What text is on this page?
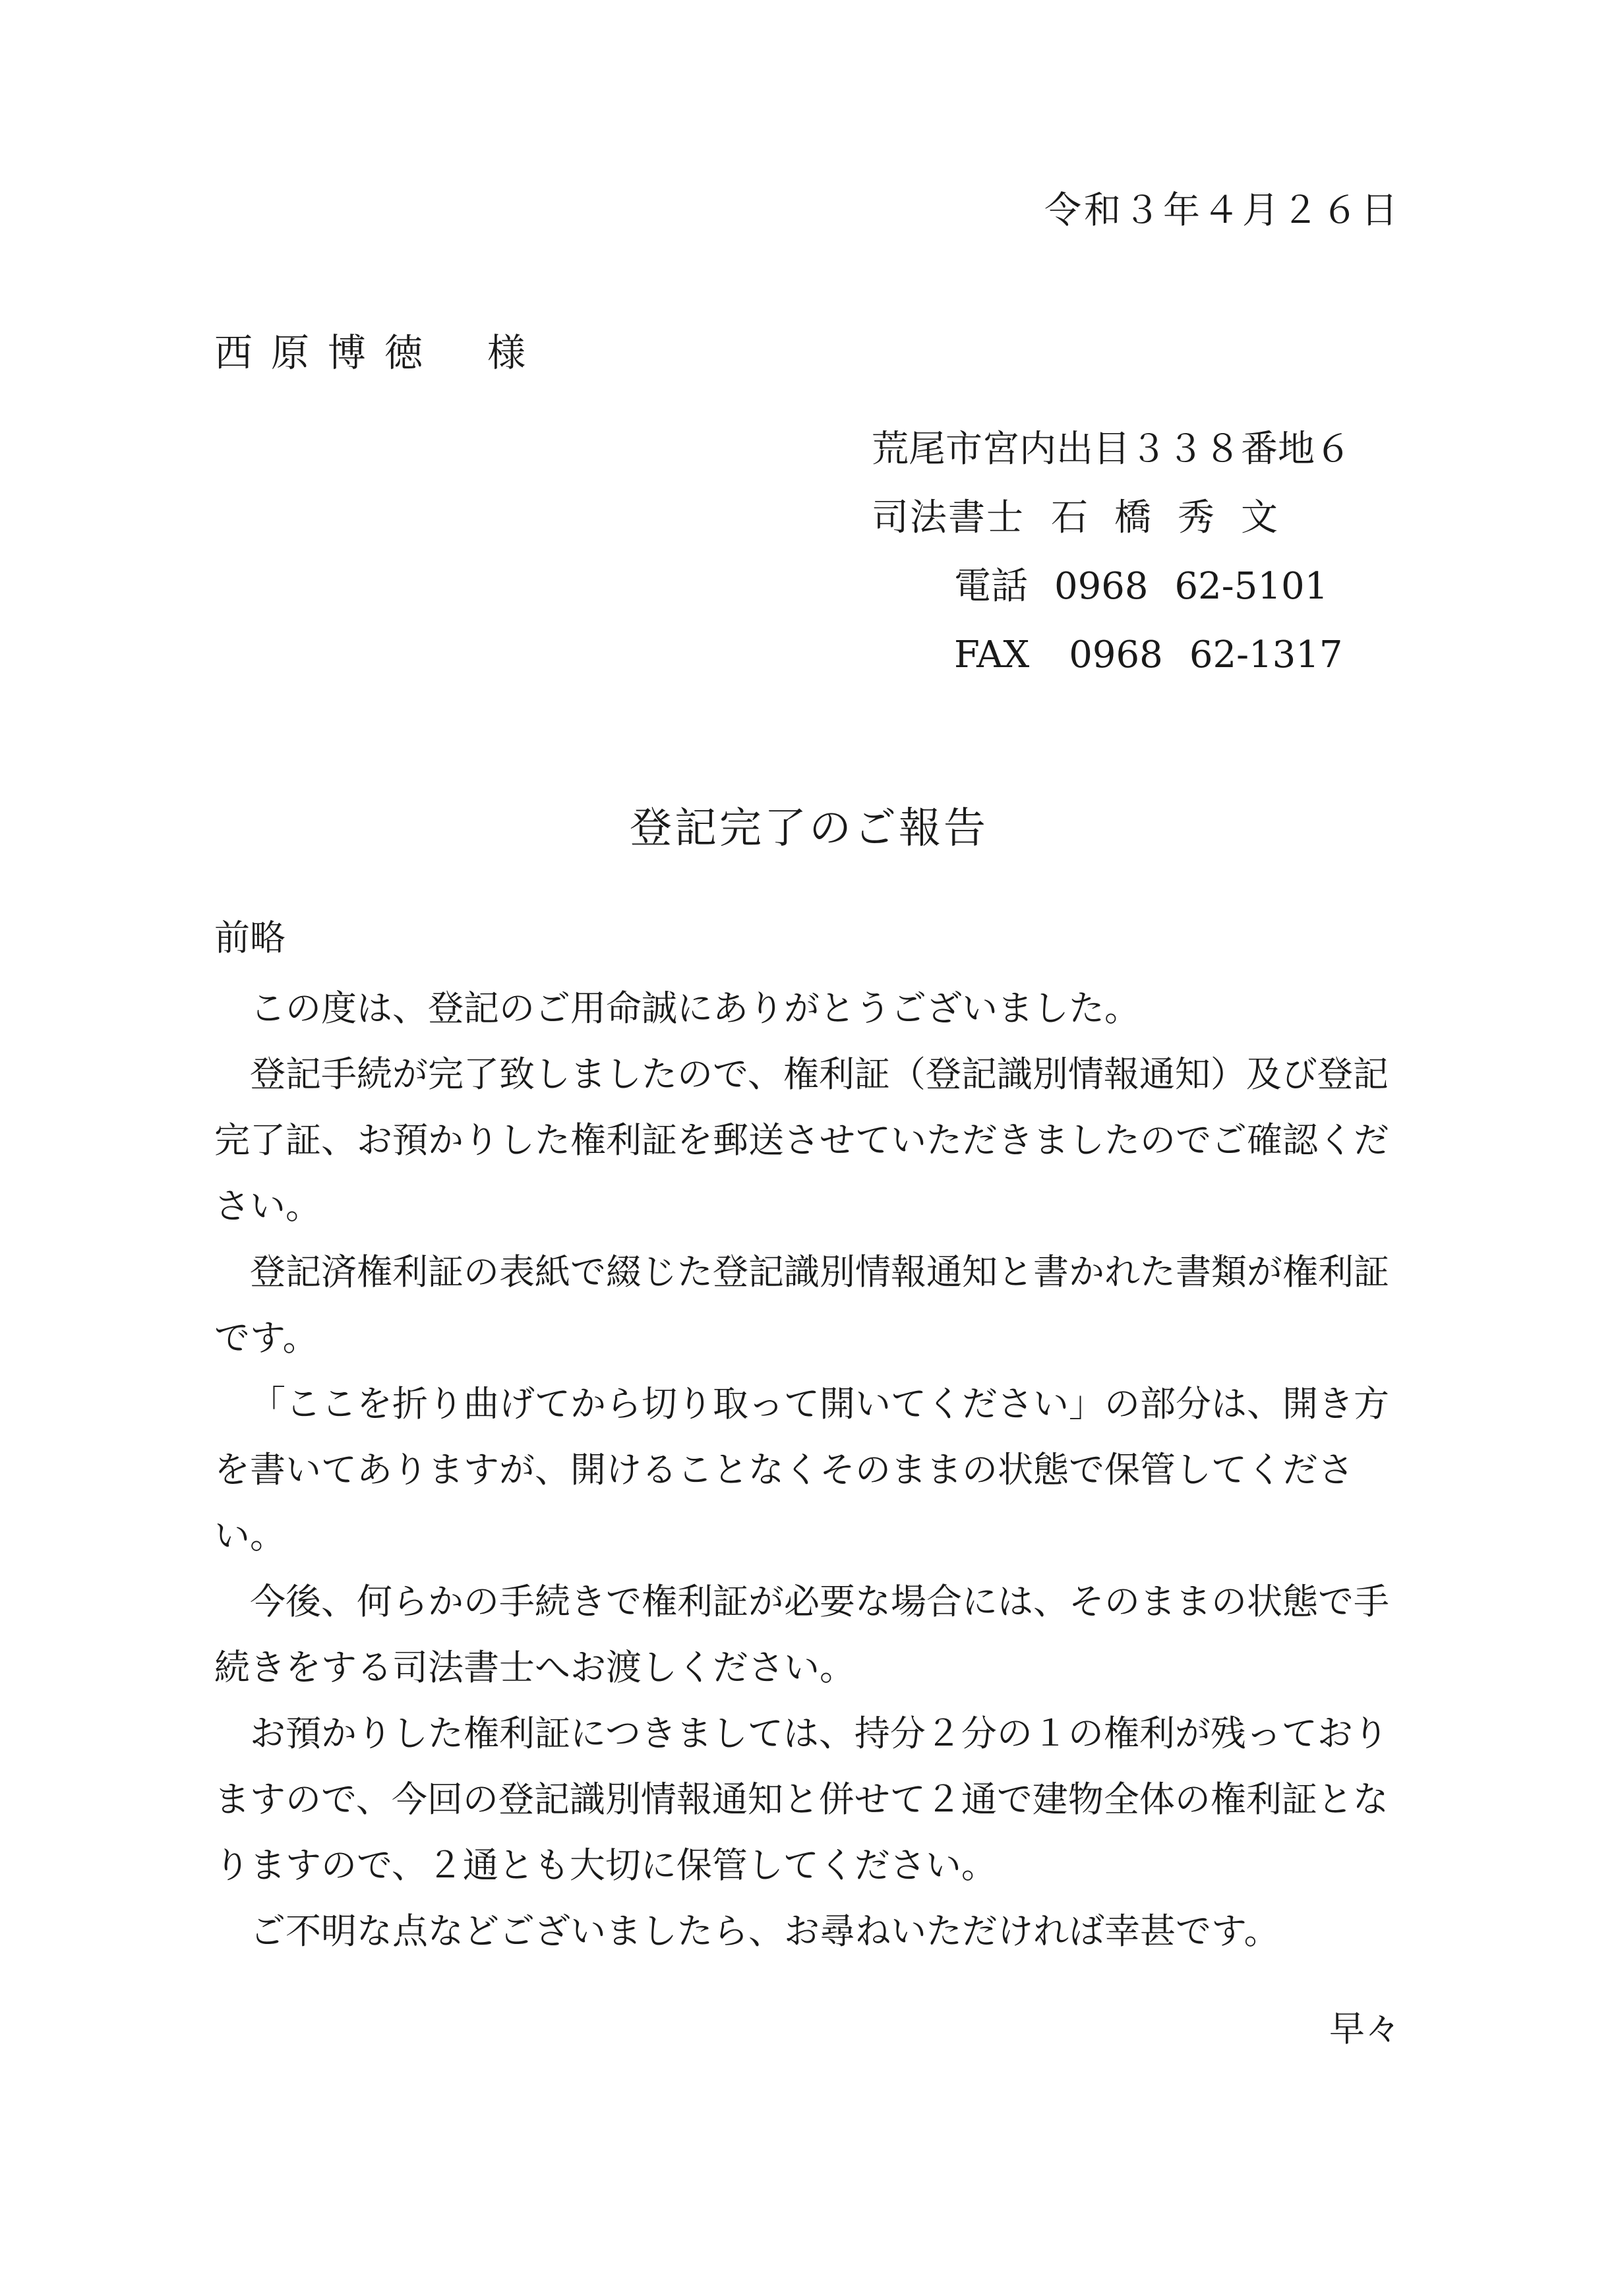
令和３年４月２６日
西原博徳 様
荒尾市宮内出目３３８番地６
司法書士 石橋秀文
電話 0968 62-5101
FAX 0968 62-1317
登記完了のご報告
前略

この度は、登記のご用命誠にありがとうございました。

登記手続が完了致しましたので、権利証（登記識別情報通知）及び登記完了証、お預かりした権利証を郵送させていただきましたのでご確認ください。

登記済権利証の表紙で綴じた登記識別情報通知と書かれた書類が権利証です。

「ここを折り曲げてから切り取って開いてください」の部分は、開き方を書いてありますが、開けることなくそのままの状態で保管してください。

今後、何らかの手続きで権利証が必要な場合には、そのままの状態で手続きをする司法書士へお渡しください。

お預かりした権利証につきましては、持分２分の１の権利が残っておりますので、今回の登記識別情報通知と併せて２通で建物全体の権利証となりますので、２通とも大切に保管してください。

ご不明な点などございましたら、お尋ねいただければ幸甚です。

早々
